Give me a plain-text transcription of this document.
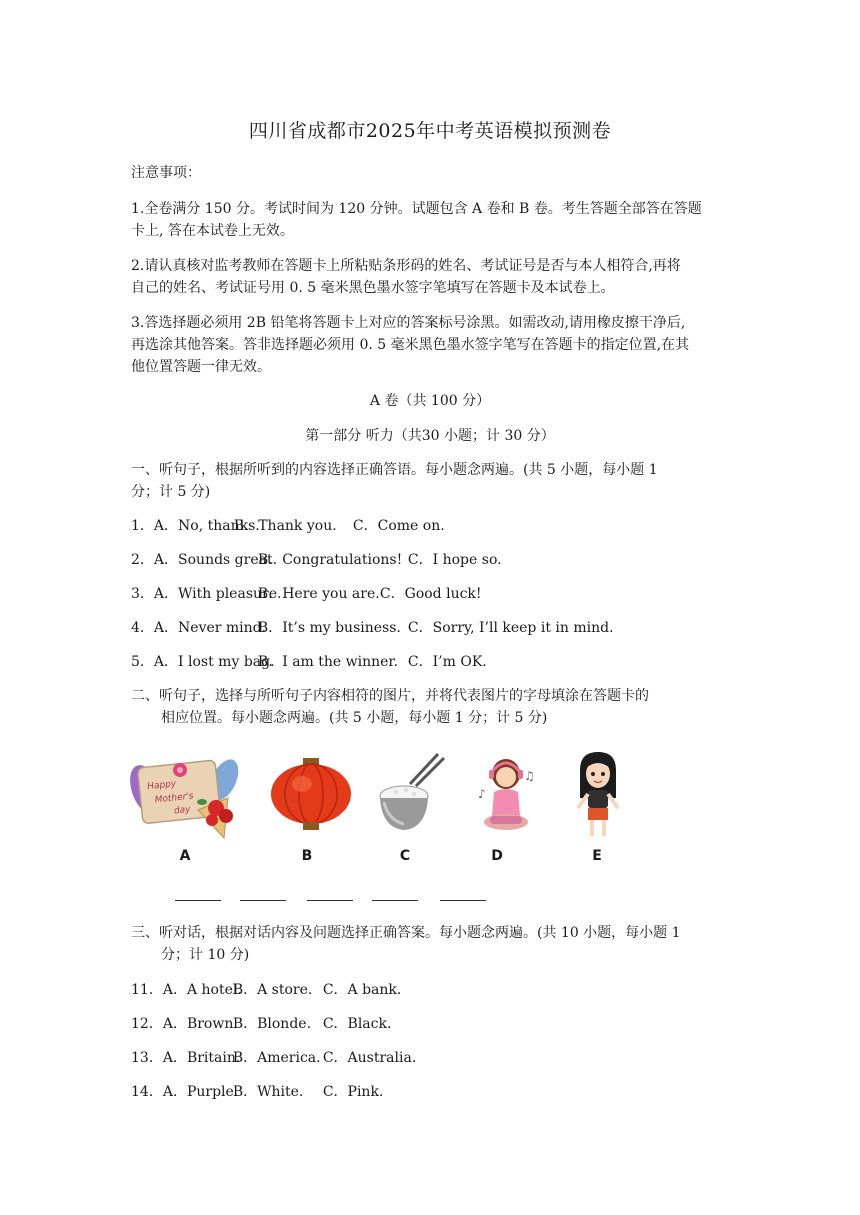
四川省成都市2025年中考英语模拟预测卷
注意事项：
1.全卷满分 150 分。考试时间为 120 分钟。试题包含 A 卷和 B 卷。考生答题全部答在答题
卡上, 答在本试卷上无效。
2.请认真核对监考教师在答题卡上所粘贴条形码的姓名、考试证号是否与本人相符合,再将
自己的姓名、考试证号用 0. 5 毫米黑色墨水签字笔填写在答题卡及本试卷上。
3.答选择题必须用 2B 铅笔将答题卡上对应的答案标号涂黑。如需改动,请用橡皮擦干净后,
再选涂其他答案。答非选择题必须用 0. 5 毫米黑色墨水签字笔写在答题卡的指定位置,在其
他位置答题一律无效。
A 卷（共 100 分）
第一部分 听力（共30 小题；计 30 分）
一、听句子，根据所听到的内容选择正确答语。每小题念两遍。(共 5 小题，每小题 1
分；计 5 分)
1．A．No, thanks.B．Thank you. C．Come on.
2．A．Sounds great.B．Congratulations! C．I hope so.
3．A．With pleasure.B．Here you are.C．Good luck!
4．A．Never mind.B．It’s my business. C．Sorry, I’ll keep it in mind.
5．A．I lost my bag.B．I am the winner. C．I’m OK.
二、听句子，选择与所听句子内容相符的图片，并将代表图片的字母填涂在答题卡的
相应位置。每小题念两遍。(共 5 小题，每小题 1 分；计 5 分)
Happy
Mother's
day
A	B	C
♪
♫
D	E
三、听对话，根据对话内容及问题选择正确答案。每小题念两遍。(共 10 小题，每小题 1
分；计 10 分)
11．A．A hotel.B．A store. C．A bank.
12．A．Brown.B．Blonde. C．Black.
13．A．Britain.B．America. C．Australia.
14．A．Purple.B．White. C．Pink.
